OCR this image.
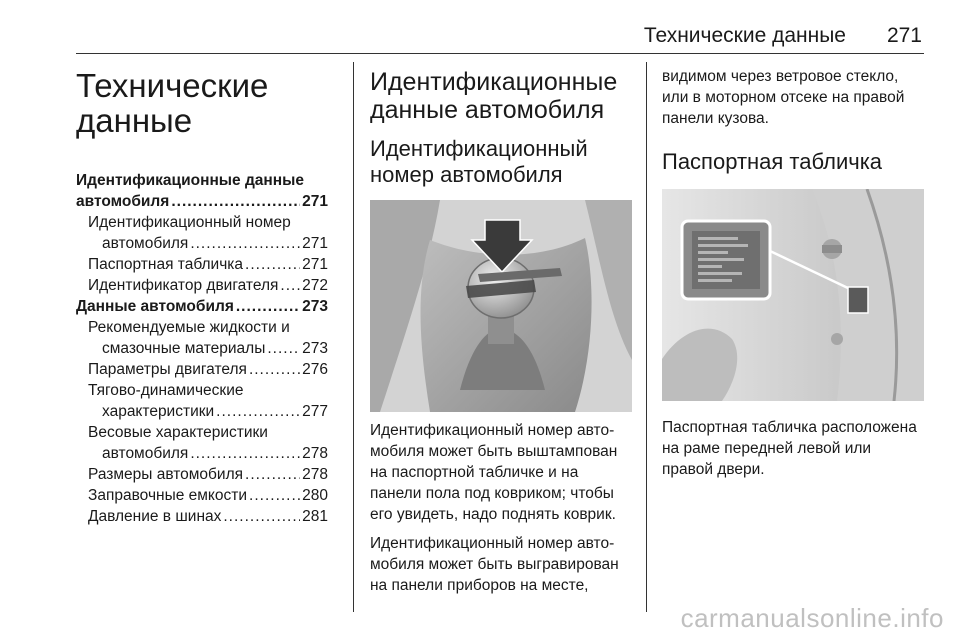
Технические данные 271
Технические
данные
Идентификационные данные
автомобиля .....	271
Идентификационный номер
автомобиля .....	271
Паспортная табличка .....	271
Идентификатор двигателя ..... 272
Данные автомобиля .....	273
Рекомендуемые жидкости и
смазочные материалы ..... 273
Параметры двигателя .....	276
Тягово-динамические
характеристики .....	277
Весовые характеристики
автомобиля .....	278
Размеры автомобиля .....	278
Заправочные емкости .....	280
Давление в шинах .....	281
Идентификационные
данные автомобиля
Идентификационный
номер автомобиля

Идентификационный номер авто- мобиля может быть выштампован на паспортной табличке и на панели пола под ковриком; чтобы его увидеть, надо поднять коврик.

Идентификационный номер авто- мобиля может быть выгравирован на панели приборов на месте,

видимом через ветровое стекло, или в моторном отсеке на правой панели кузова.

Паспортная табличка

Паспортная табличка расположена на раме передней левой или правой двери.

carmanualsonline.info
